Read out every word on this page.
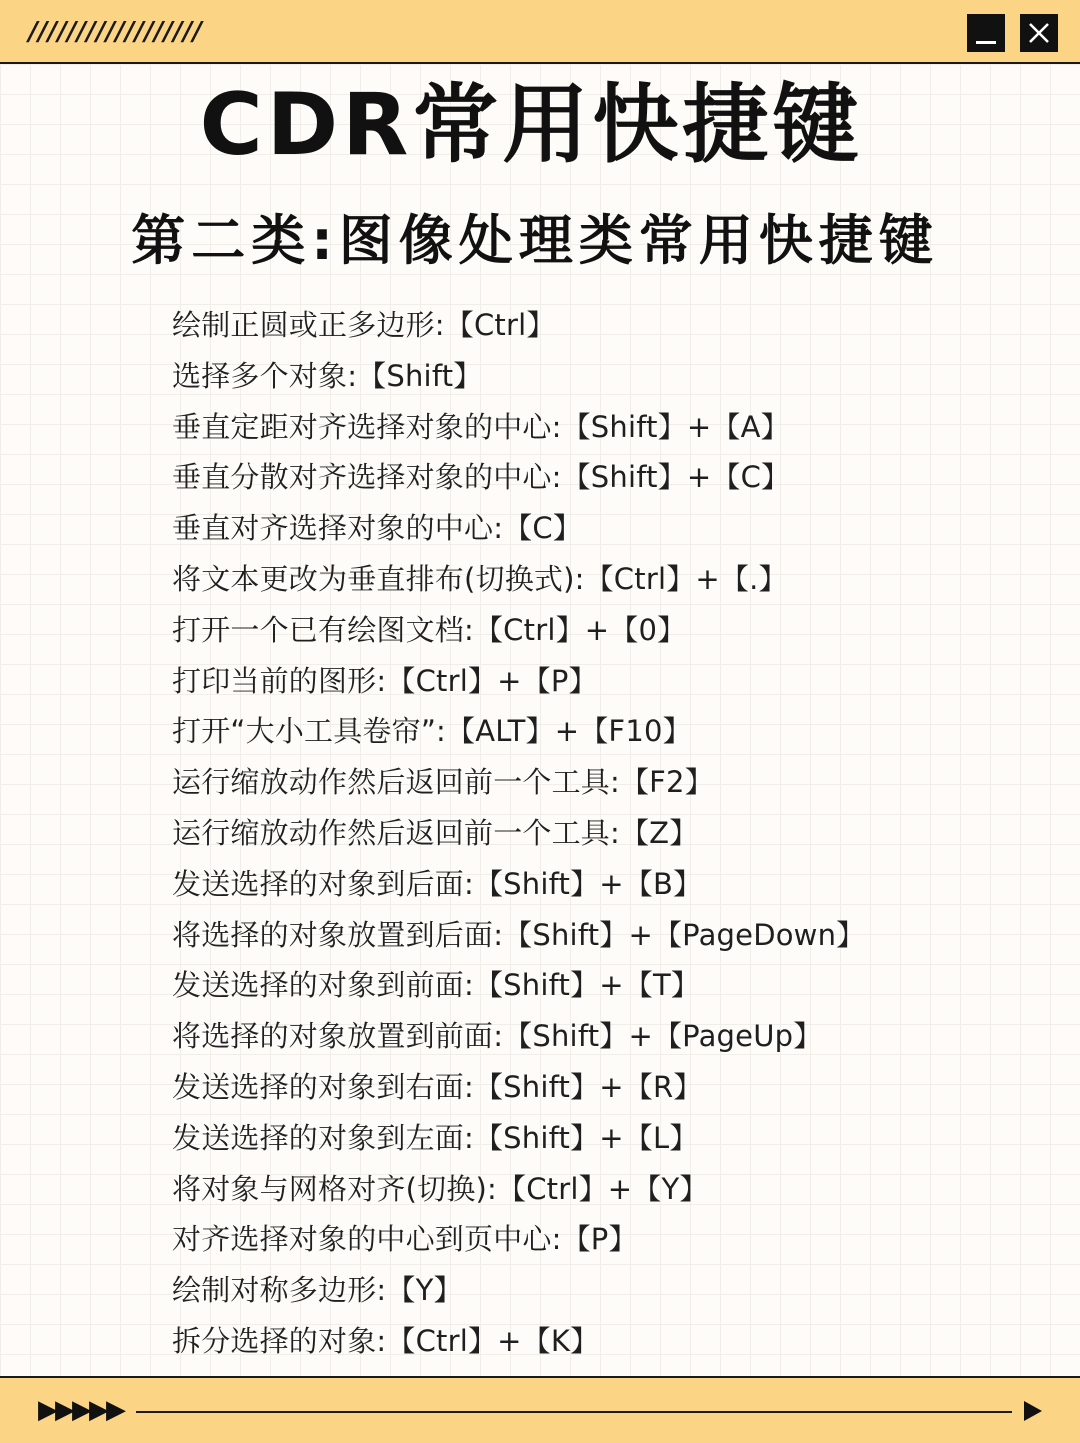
//////////////////
CDR常用快捷键
第二类:图像处理类常用快捷键
绘制正圆或正多边形:【Ctrl】
选择多个对象:【Shift】
垂直定距对齐选择对象的中心:【Shift】+【A】
垂直分散对齐选择对象的中心:【Shift】+【C】
垂直对齐选择对象的中心:【C】
将文本更改为垂直排布(切换式):【Ctrl】+【.】
打开一个已有绘图文档:【Ctrl】+【0】
打印当前的图形:【Ctrl】+【P】
打开“大小工具卷帘”:【ALT】+【F10】
运行缩放动作然后返回前一个工具:【F2】
运行缩放动作然后返回前一个工具:【Z】
发送选择的对象到后面:【Shift】+【B】
将选择的对象放置到后面:【Shift】+【PageDown】
发送选择的对象到前面:【Shift】+【T】
将选择的对象放置到前面:【Shift】+【PageUp】
发送选择的对象到右面:【Shift】+【R】
发送选择的对象到左面:【Shift】+【L】
将对象与网格对齐(切换):【Ctrl】+【Y】
对齐选择对象的中心到页中心:【P】
绘制对称多边形:【Y】
拆分选择的对象:【Ctrl】+【K】
▶▶▶▶▶
